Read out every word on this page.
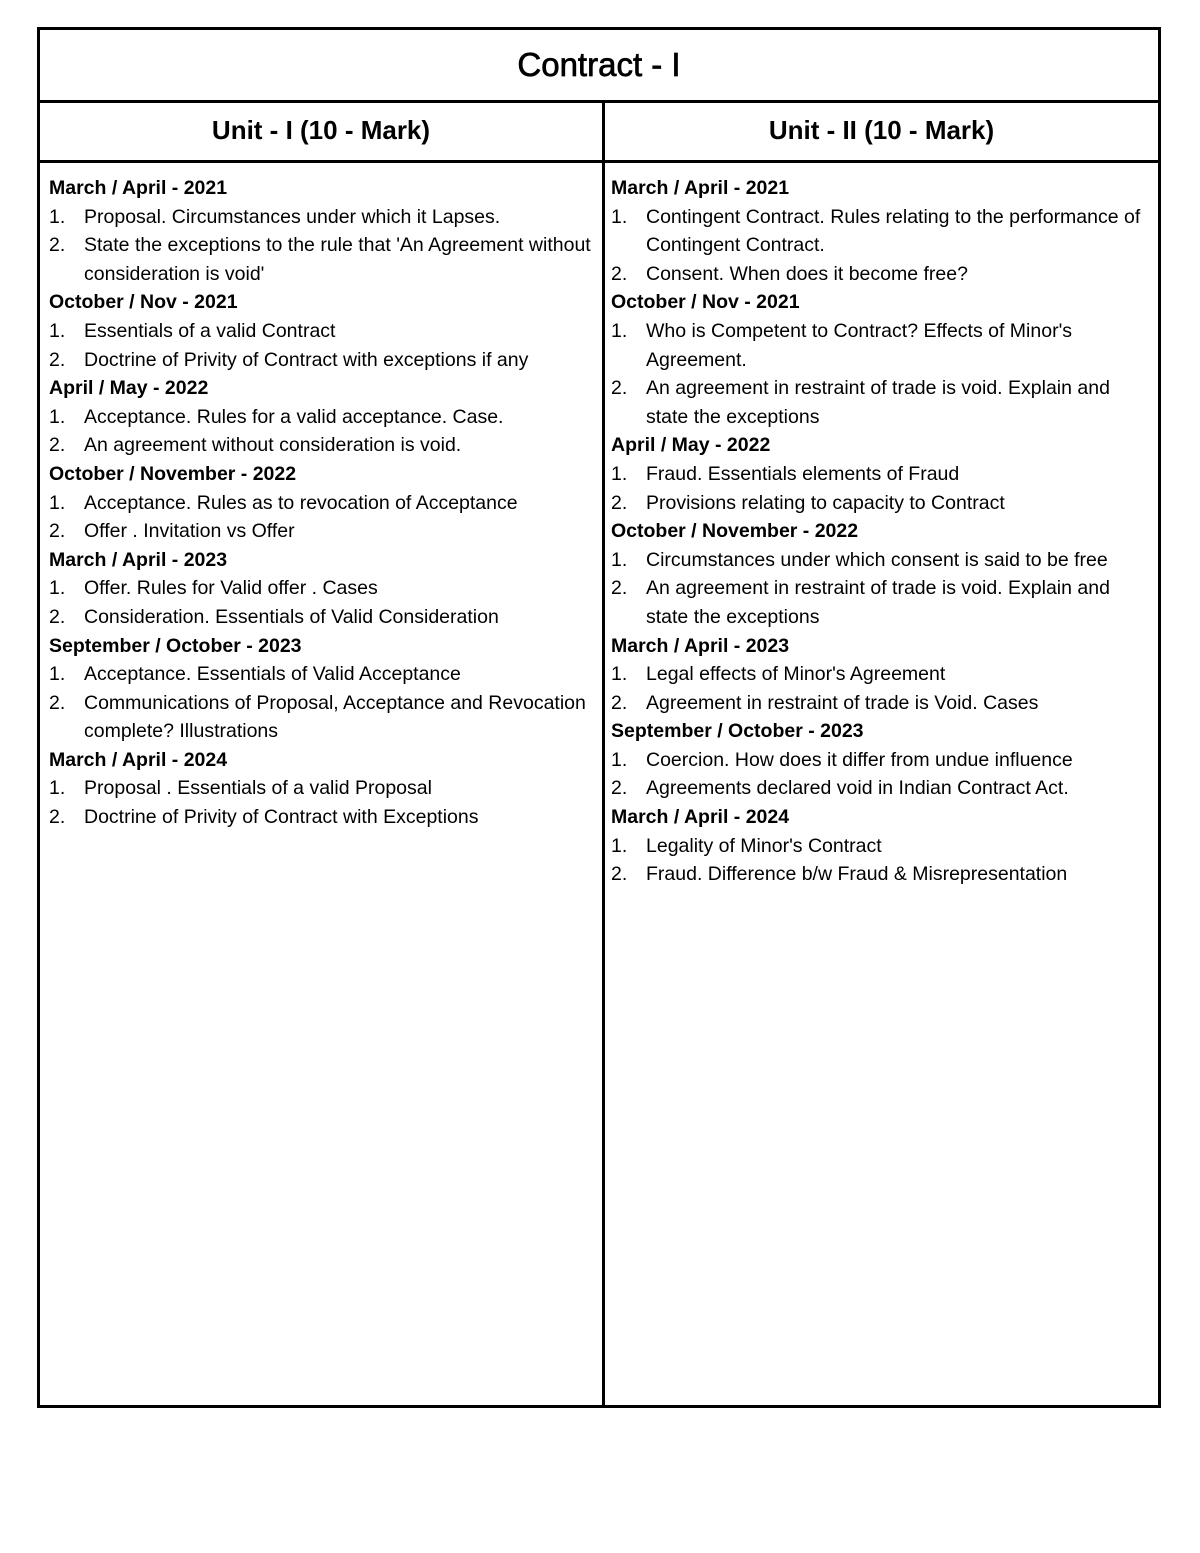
Contract - I
Unit - I (10 - Mark)	Unit - II (10 - Mark)
March / April - 2021
1. Proposal. Circumstances under which it Lapses.
2. State the exceptions to the rule that 'An Agreement without consideration is void'
October / Nov - 2021
1. Essentials of a valid Contract
2. Doctrine of Privity of Contract with exceptions if any
April / May - 2022
1. Acceptance. Rules for a valid acceptance. Case.
2. An agreement without consideration is void.
October / November - 2022
1. Acceptance. Rules as to revocation of Acceptance
2. Offer . Invitation vs Offer
March / April - 2023
1. Offer. Rules for Valid offer . Cases
2. Consideration. Essentials of Valid Consideration
September / October - 2023
1. Acceptance. Essentials of Valid Acceptance
2. Communications of Proposal, Acceptance and Revocation complete? Illustrations
March / April - 2024
1. Proposal . Essentials of a valid Proposal
2. Doctrine of Privity of Contract with Exceptions
March / April - 2021
1. Contingent Contract. Rules relating to the performance of Contingent Contract.
2. Consent. When does it become free?
October / Nov - 2021
1. Who is Competent to Contract? Effects of Minor's Agreement.
2. An agreement in restraint of trade is void. Explain and state the exceptions
April / May - 2022
1. Fraud. Essentials elements of Fraud
2. Provisions relating to capacity to Contract
October / November - 2022
1. Circumstances under which consent is said to be free
2. An agreement in restraint of trade is void. Explain and state the exceptions
March / April - 2023
1. Legal effects of Minor's Agreement
2. Agreement in restraint of trade is Void. Cases
September / October - 2023
1. Coercion. How does it differ from undue influence
2. Agreements declared void in Indian Contract Act.
March / April - 2024
1. Legality of Minor's Contract
2. Fraud. Difference b/w Fraud & Misrepresentation
